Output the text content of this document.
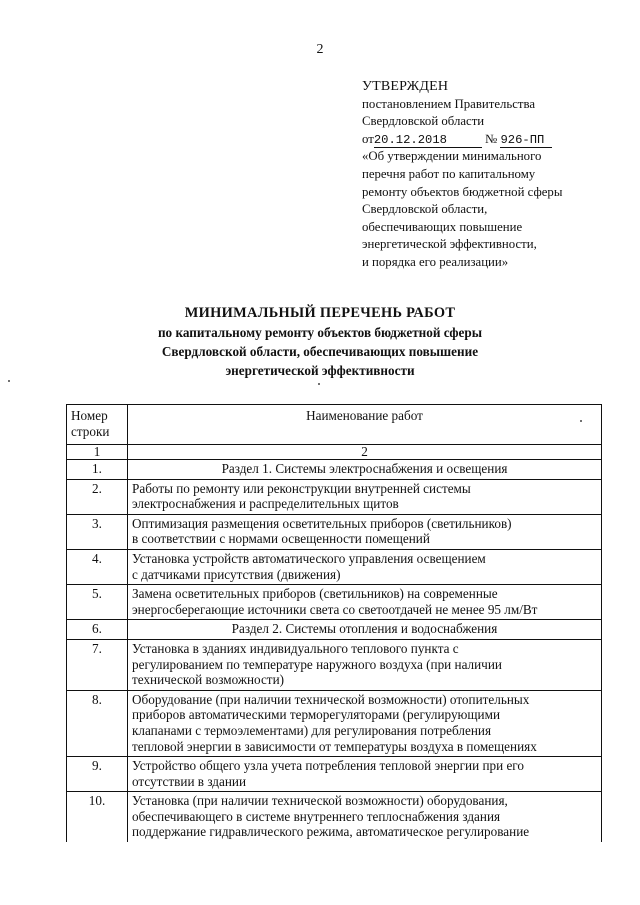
2
УТВЕРЖДЕН
постановлением Правительства
Свердловской области
от20.12.2018	№ 926-ПП
«Об утверждении минимального
перечня работ по капитальному
ремонту объектов бюджетной сферы
Свердловской области,
обеспечивающих повышение
энергетической эффективности,
и порядка его реализации»
МИНИМАЛЬНЫЙ ПЕРЕЧЕНЬ РАБОТ
по капитальному ремонту объектов бюджетной сферы
Свердловской области, обеспечивающих повышение
энергетической эффективности
Номер
строки	Наименование работ
1	2
1.	Раздел 1. Системы электроснабжения и освещения

2.	Работы по ремонту или реконструкции внутренней системы
электроснабжения и распределительных щитов

3.	Оптимизация размещения осветительных приборов (светильников)
в соответствии с нормами освещенности помещений

4.	Установка устройств автоматического управления освещением
с датчиками присутствия (движения)

5.	Замена осветительных приборов (светильников) на современные
энергосберегающие источники света со светоотдачей не менее 95 лм/Вт

6.	Раздел 2. Системы отопления и водоснабжения

7.	Установка в зданиях индивидуального теплового пункта с
регулированием по температуре наружного воздуха (при наличии
технической возможности)

8.	Оборудование (при наличии технической возможности) отопительных
приборов автоматическими терморегуляторами (регулирующими
клапанами с термоэлементами) для регулирования потребления
тепловой энергии в зависимости от температуры воздуха в помещениях

9.	Устройство общего узла учета потребления тепловой энергии при его
отсутствии в здании

10.	Установка (при наличии технической возможности) оборудования,
обеспечивающего в системе внутреннего теплоснабжения здания
поддержание гидравлического режима, автоматическое регулирование
